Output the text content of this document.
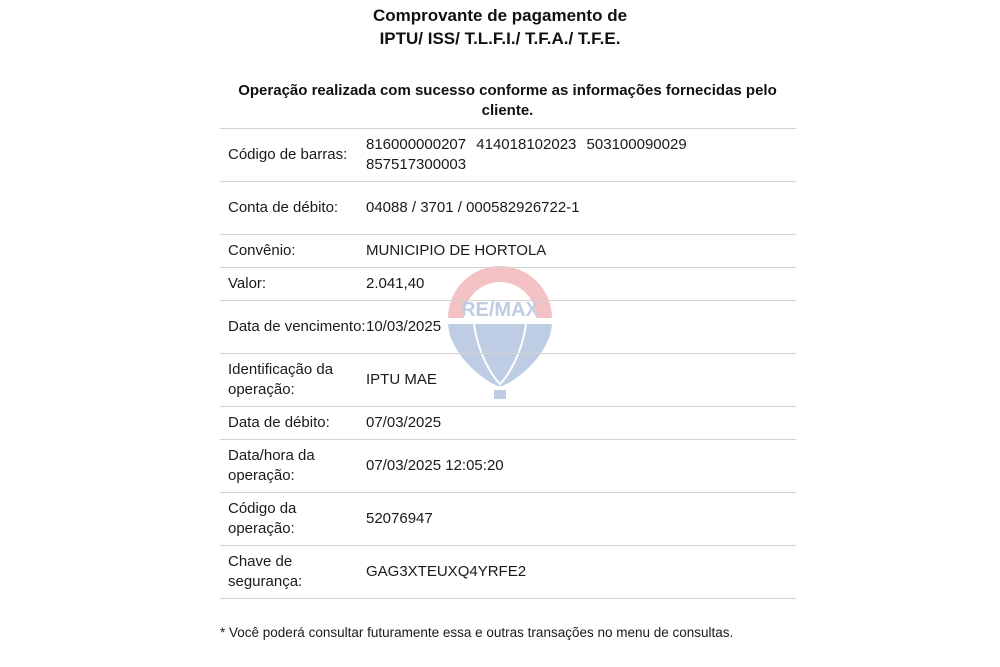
Comprovante de pagamento de
IPTU/ ISS/ T.L.F.I./ T.F.A./ T.F.E.
Operação realizada com sucesso conforme as informações fornecidas pelo cliente.
RE/MAX
Código de barras:	816000000207 414018102023 503100090029
857517300003

Conta de débito:	04088 / 3701 / 000582926722-1
Convênio:	MUNICIPIO DE HORTOLA
Valor:	2.041,40
Data de vencimento:	10/03/2025
Identificação da operação:	IPTU MAE
Data de débito:	07/03/2025
Data/hora da operação:	07/03/2025 12:05:20
Código da operação:	52076947
Chave de segurança:	GAG3XTEUXQ4YRFE2
* Você poderá consultar futuramente essa e outras transações no menu de consultas.
